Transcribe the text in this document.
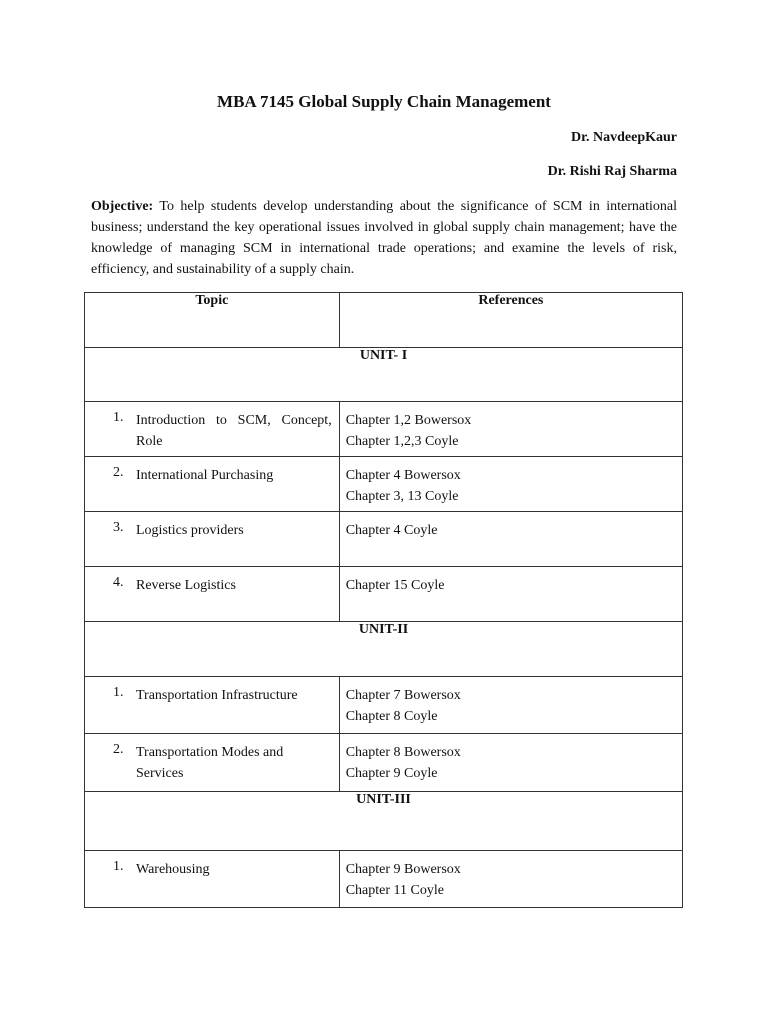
MBA 7145 Global Supply Chain Management
Dr. NavdeepKaur
Dr. Rishi Raj Sharma
Objective: To help students develop understanding about the significance of SCM in international business; understand the key operational issues involved in global supply chain management; have the knowledge of managing SCM in international trade operations; and examine the levels of risk, efficiency, and sustainability of a supply chain.
Topic	References
UNIT- I	

1. Introduction to SCM, Concept, Role	Chapter 1,2 Bowersox
Chapter 1,2,3 Coyle

2. International Purchasing	Chapter 4 Bowersox
Chapter 3, 13 Coyle

3. Logistics providers	Chapter 4 Coyle

4. Reverse Logistics	Chapter 15 Coyle

UNIT-II	

1. Transportation Infrastructure	Chapter 7 Bowersox
Chapter 8 Coyle

2. Transportation Modes and Services	Chapter 8 Bowersox
Chapter 9 Coyle

UNIT-III	

1. Warehousing	Chapter 9 Bowersox
Chapter 11 Coyle
